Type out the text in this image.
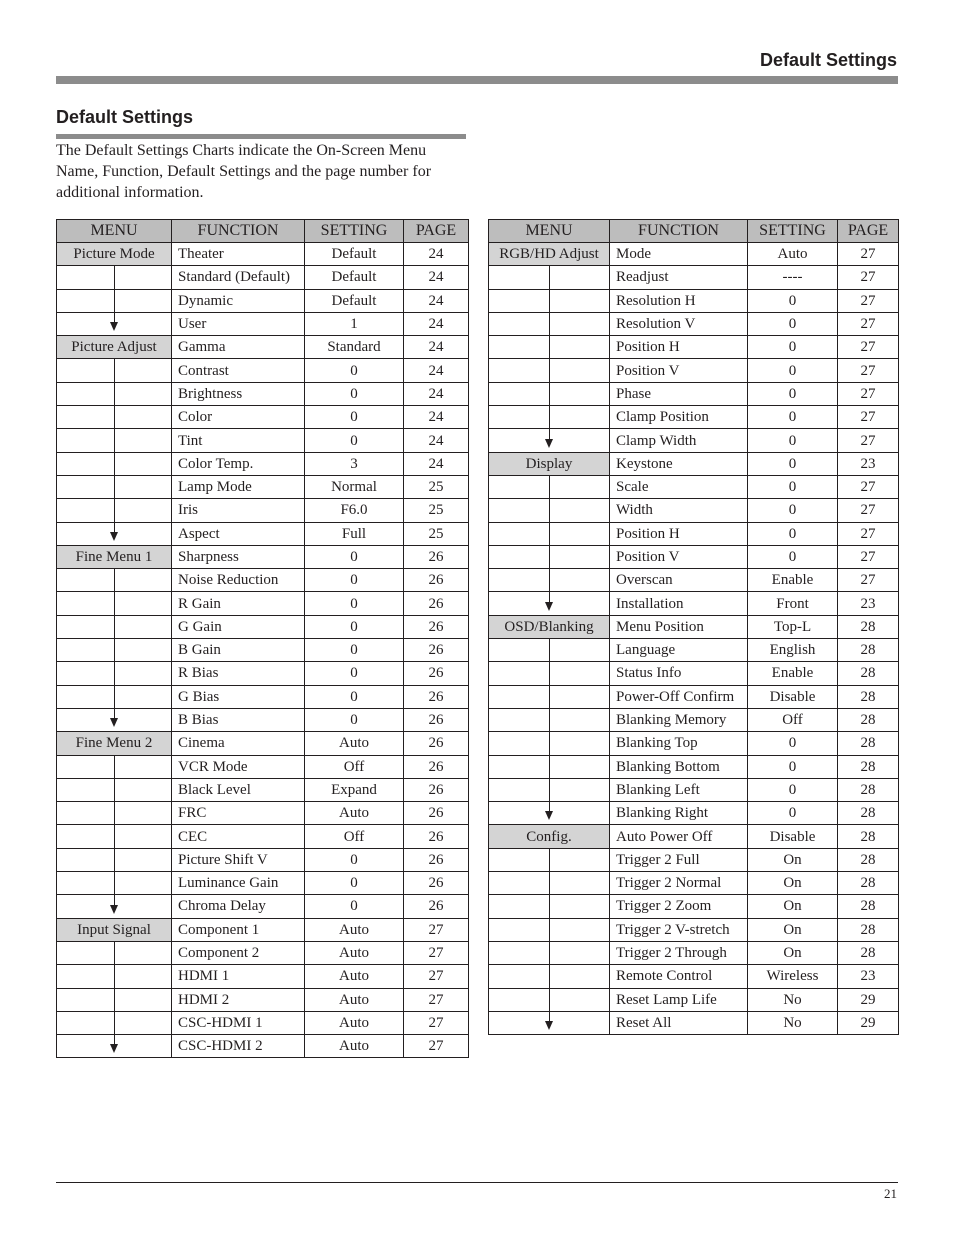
Default Settings
Default Settings
The Default Settings Charts indicate the On-Screen Menu Name, Function, Default Settings and the page number for additional information.
MENU	FUNCTION	SETTING	PAGE
Picture Mode	Theater	Default	24

	Standard (Default)	Default	24

	Dynamic	Default	24

	User	1	24
Picture Adjust	Gamma	Standard	24

	Contrast	0	24

	Brightness	0	24

	Color	0	24

	Tint	0	24

	Color Temp.	3	24

	Lamp Mode	Normal	25

	Iris	F6.0	25

	Aspect	Full	25
Fine Menu 1	Sharpness	0	26

	Noise Reduction	0	26

	R Gain	0	26

	G Gain	0	26

	B Gain	0	26

	R Bias	0	26

	G Bias	0	26

	B Bias	0	26
Fine Menu 2	Cinema	Auto	26

	VCR Mode	Off	26

	Black Level	Expand	26

	FRC	Auto	26

	CEC	Off	26

	Picture Shift V	0	26

	Luminance Gain	0	26

	Chroma Delay	0	26
Input Signal	Component 1	Auto	27

	Component 2	Auto	27

	HDMI 1	Auto	27

	HDMI 2	Auto	27

	CSC-HDMI 1	Auto	27

	CSC-HDMI 2	Auto	27
MENU	FUNCTION	SETTING	PAGE
RGB/HD Adjust	Mode	Auto	27

	Readjust	----	27

	Resolution H	0	27

	Resolution V	0	27

	Position H	0	27

	Position V	0	27

	Phase	0	27

	Clamp Position	0	27

	Clamp Width	0	27
Display	Keystone	0	23

	Scale	0	27

	Width	0	27

	Position H	0	27

	Position V	0	27

	Overscan	Enable	27

	Installation	Front	23
OSD/Blanking	Menu Position	Top-L	28

	Language	English	28

	Status Info	Enable	28

	Power-Off Confirm	Disable	28

	Blanking Memory	Off	28

	Blanking Top	0	28

	Blanking Bottom	0	28

	Blanking Left	0	28

	Blanking Right	0	28
Config.	Auto Power Off	Disable	28

	Trigger 2 Full	On	28

	Trigger 2 Normal	On	28

	Trigger 2 Zoom	On	28

	Trigger 2 V-stretch	On	28

	Trigger 2 Through	On	28

	Remote Control	Wireless	23

	Reset Lamp Life	No	29

	Reset All	No	29
21
